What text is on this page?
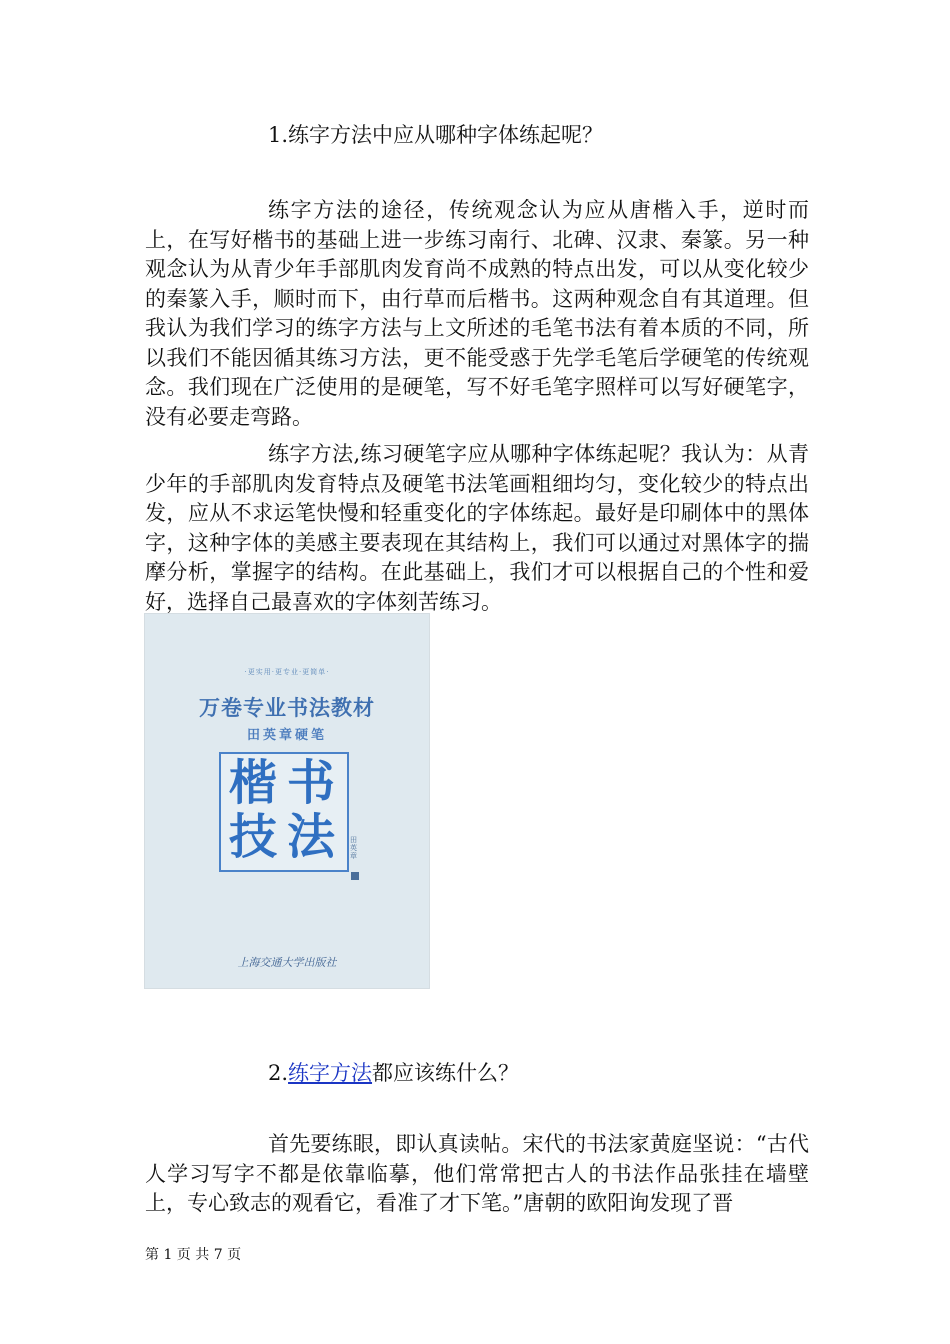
1.练字方法中应从哪种字体练起呢？

练字方法的途径，传统观念认为应从唐楷入手，逆时而上，在写好楷书的基础上进一步练习南行、北碑、汉隶、秦篆。另一种观念认为从青少年手部肌肉发育尚不成熟的特点出发，可以从变化较少的秦篆入手，顺时而下，由行草而后楷书。这两种观念自有其道理。但我认为我们学习的练字方法与上文所述的毛笔书法有着本质的不同，所以我们不能因循其练习方法，更不能受惑于先学毛笔后学硬笔的传统观念。我们现在广泛使用的是硬笔，写不好毛笔字照样可以写好硬笔字，没有必要走弯路。

练字方法,练习硬笔字应从哪种字体练起呢？我认为：从青少年的手部肌肉发育特点及硬笔书法笔画粗细均匀，变化较少的特点出发，应从不求运笔快慢和轻重变化的字体练起。最好是印刷体中的黑体字，这种字体的美感主要表现在其结构上，我们可以通过对黑体字的揣摩分析，掌握字的结构。在此基础上，我们才可以根据自己的个性和爱好，选择自己最喜欢的字体刻苦练习。

·更实用·更专业·更简单·
万卷专业书法教材
田英章硬笔
楷 书
技 法 田英章
上海交通大学出版社
2.练字方法都应该练什么？

首先要练眼，即认真读帖。宋代的书法家黄庭坚说：“古代人学习写字不都是依靠临摹，他们常常把古人的书法作品张挂在墙壁上，专心致志的观看它，看准了才下笔。”唐朝的欧阳询发现了晋

第 1 页 共 7 页
